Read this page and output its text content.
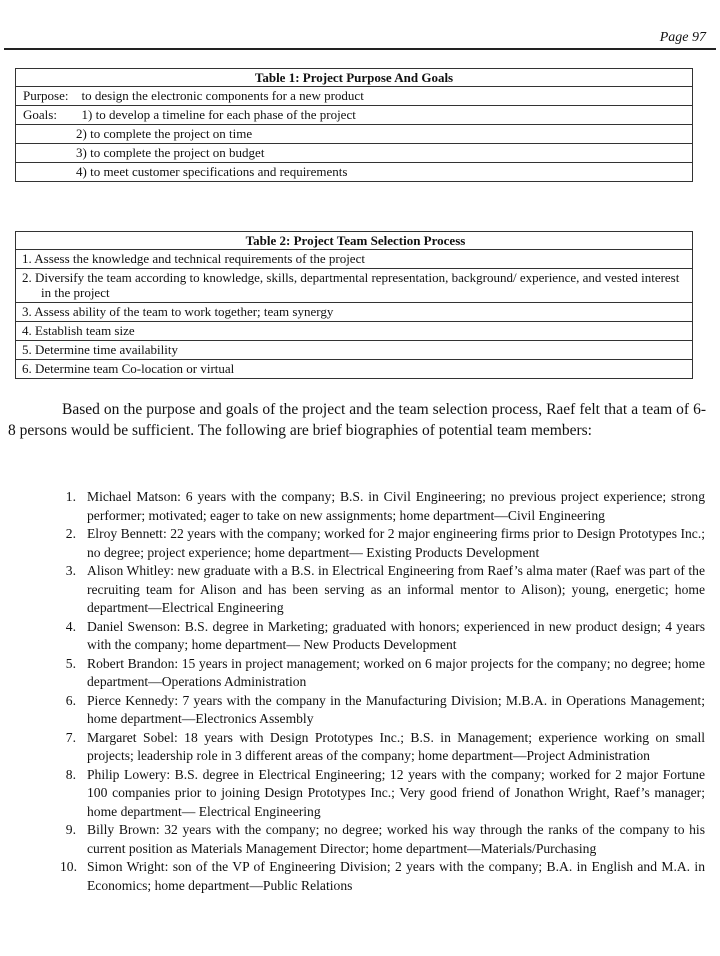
Page 97
Table 1: Project Purpose And Goals	
Purpose:	to design the electronic components for a new product
Goals:	1) to develop a timeline for each phase of the project
2) to complete the project on time	
3) to complete the project on budget	
4) to meet customer specifications and requirements	
Table 2: Project Team Selection Process
1. Assess the knowledge and technical requirements of the project

2. Diversify the team according to knowledge, skills, departmental representation, background/ experience, and vested interest in the project

3. Assess ability of the team to work together; team synergy
4. Establish team size
5. Determine time availability
6. Determine team Co-location or virtual

Based on the purpose and goals of the project and the team selection process, Raef felt that a team of 6-8 persons would be sufficient. The following are brief biographies of potential team members:

1. Michael Matson: 6 years with the company; B.S. in Civil Engineering; no previous project experience; strong performer; motivated; eager to take on new assignments; home department—Civil Engineering
2. Elroy Bennett: 22 years with the company; worked for 2 major engineering firms prior to Design Prototypes Inc.; no degree; project experience; home department— Existing Products Development
3. Alison Whitley: new graduate with a B.S. in Electrical Engineering from Raef’s alma mater (Raef was part of the recruiting team for Alison and has been serving as an informal mentor to Alison); young, energetic; home department—Electrical Engineering
4. Daniel Swenson: B.S. degree in Marketing; graduated with honors; experienced in new product design; 4 years with the company; home department— New Products Development
5. Robert Brandon: 15 years in project management; worked on 6 major projects for the company; no degree; home department—Operations Administration
6. Pierce Kennedy: 7 years with the company in the Manufacturing Division; M.B.A. in Operations Management; home department—Electronics Assembly
7. Margaret Sobel: 18 years with Design Prototypes Inc.; B.S. in Management; experience working on small projects; leadership role in 3 different areas of the company; home department—Project Administration
8. Philip Lowery: B.S. degree in Electrical Engineering; 12 years with the company; worked for 2 major Fortune 100 companies prior to joining Design Prototypes Inc.; Very good friend of Jonathon Wright, Raef’s manager; home department— Electrical Engineering
9. Billy Brown: 32 years with the company; no degree; worked his way through the ranks of the company to his current position as Materials Management Director; home department—Materials/Purchasing
10. Simon Wright: son of the VP of Engineering Division; 2 years with the company; B.A. in English and M.A. in Economics; home department—Public Relations
